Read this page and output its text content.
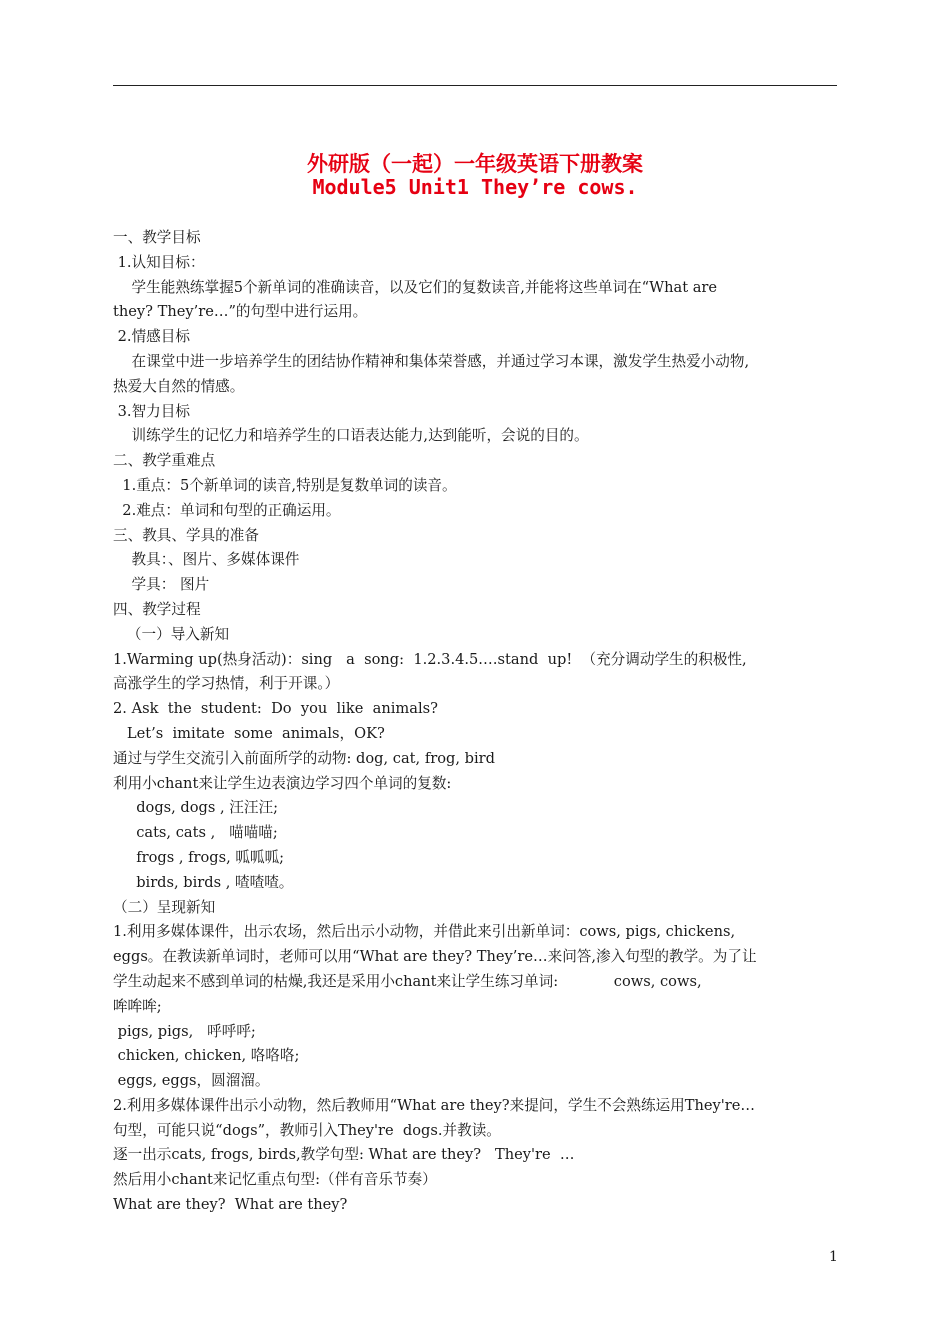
外研版（一起）一年级英语下册教案
Module5 Unit1 They’re cows.
一、教学目标
1.认知目标：
学生能熟练掌握5个新单词的准确读音，以及它们的复数读音,并能将这些单词在“What are
they? They’re…”的句型中进行运用。
2.情感目标
在课堂中进一步培养学生的团结协作精神和集体荣誉感，并通过学习本课，激发学生热爱小动物,
热爱大自然的情感。
3.智力目标
训练学生的记忆力和培养学生的口语表达能力,达到能听，会说的目的。
二、教学重难点
1.重点：5个新单词的读音,特别是复数单词的读音。
2.难点：单词和句型的正确运用。
三、教具、学具的准备
教具：、图片、多媒体课件
学具： 图片
四、教学过程
（一）导入新知
1.Warming up(热身活动)：sing   a  song:  1.2.3.4.5.…stand  up!  （充分调动学生的积极性,
高涨学生的学习热情，利于开课。）
2. Ask  the  student:  Do  you  like  animals?
Let’s  imitate  some  animals，OK?
通过与学生交流引入前面所学的动物: dog, cat, frog, bird
利用小chant来让学生边表演边学习四个单词的复数:
dogs, dogs , 汪汪汪;
cats, cats ,   喵喵喵;
frogs , frogs, 呱呱呱;
birds, birds , 喳喳喳。
（二）呈现新知
1.利用多媒体课件，出示农场，然后出示小动物，并借此来引出新单词：cows, pigs, chickens,
eggs。在教读新单词时，老师可以用“What are they? They’re…来问答,渗入句型的教学。为了让
学生动起来不感到单词的枯燥,我还是采用小chant来让学生练习单词:            cows, cows,
哞哞哞;
pigs, pigs,   呼呼呼;
chicken, chicken, 咯咯咯;
eggs, eggs，圆溜溜。
2.利用多媒体课件出示小动物，然后教师用“What are they?来提问，学生不会熟练运用They're…
句型，可能只说“dogs”，教师引入They're  dogs.并教读。
逐一出示cats, frogs, birds,教学句型: What are they?   They're  …
然后用小chant来记忆重点句型:（伴有音乐节奏）
What are they?  What are they?
1
